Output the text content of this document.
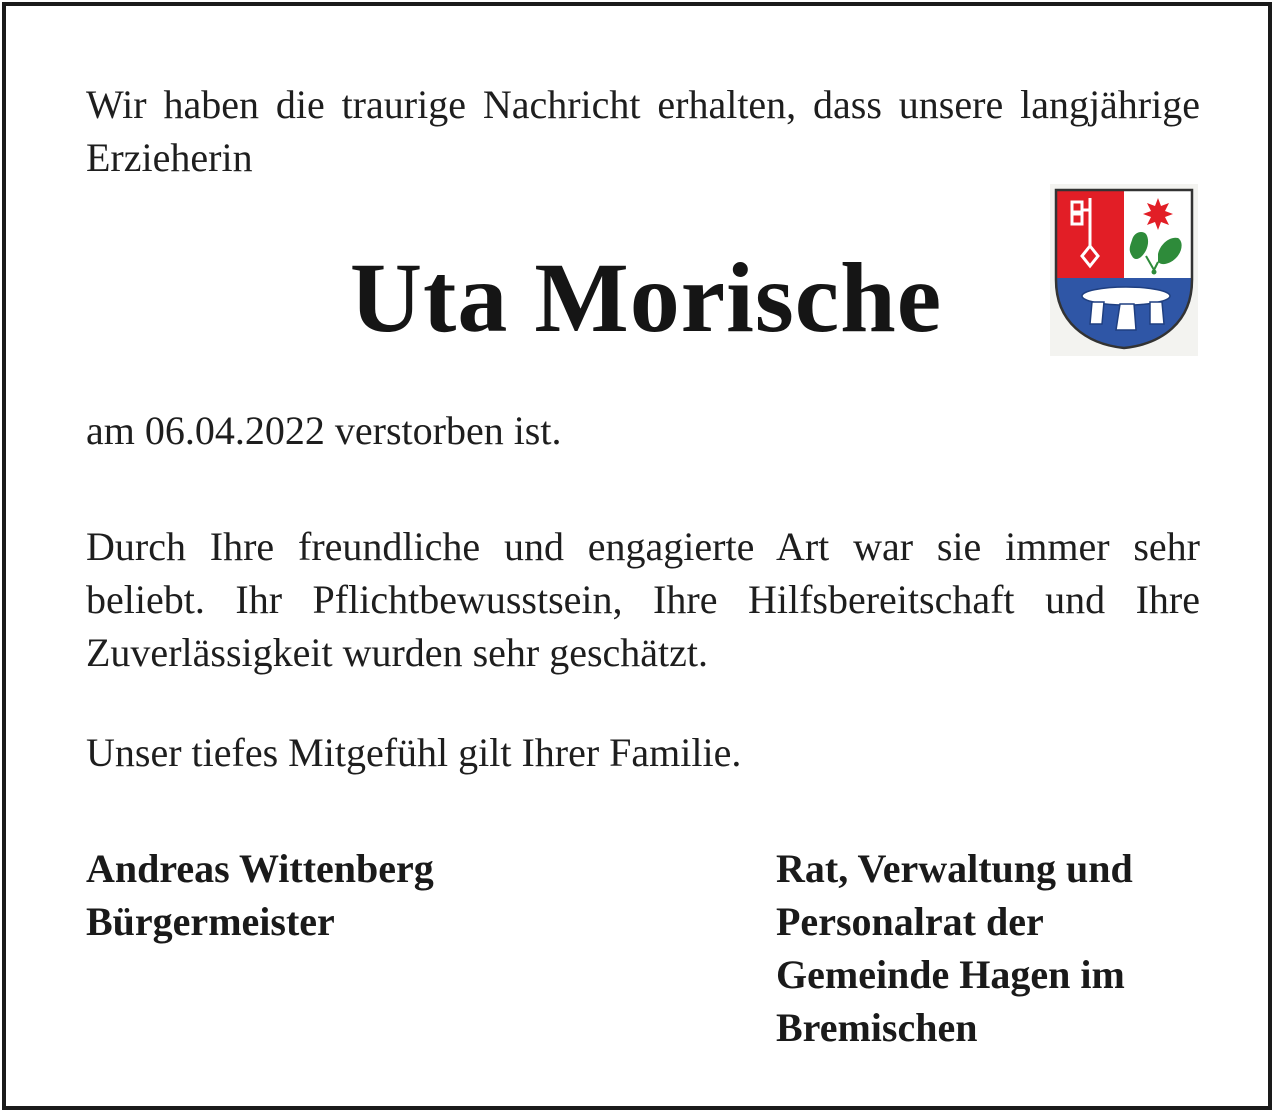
Wir haben die traurige Nachricht erhalten, dass unsere langjährige Erzieherin

Uta Morische

am 06.04.2022 verstorben ist.

Durch Ihre freundliche und engagierte Art war sie immer sehr beliebt. Ihr Pflichtbewusstsein, Ihre Hilfsbereitschaft und Ihre Zuverlässigkeit wurden sehr geschätzt.

Unser tiefes Mitgefühl gilt Ihrer Familie.

Andreas Wittenberg
Bürgermeister
Rat, Verwaltung und
Personalrat der
Gemeinde Hagen im
Bremischen
